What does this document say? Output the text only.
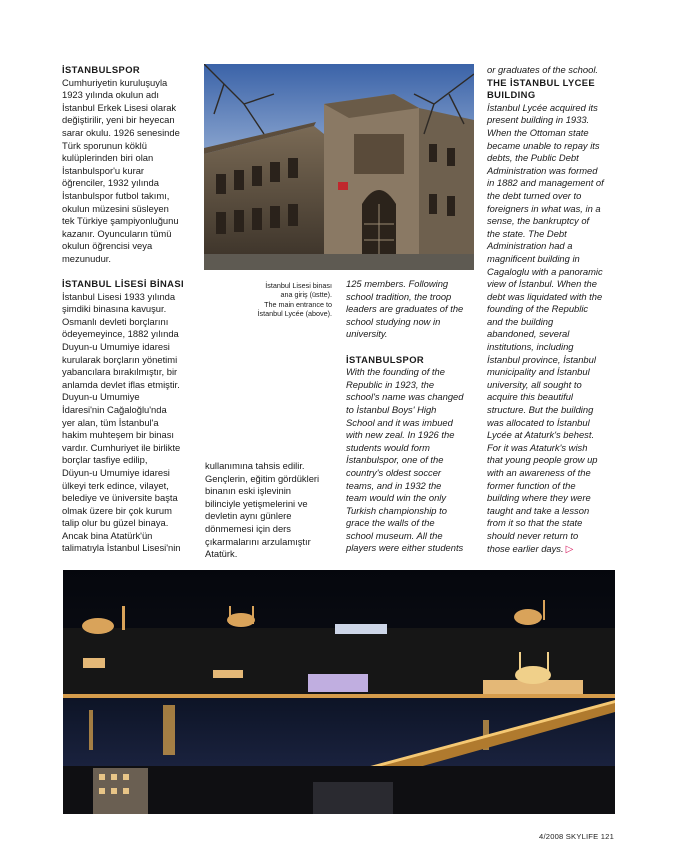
İSTANBULSPOR

Cumhuriyetin kuruluşuyla

1923 yılında okulun adı

İstanbul Erkek Lisesi olarak

değiştirilir, yeni bir heyecan

sarar okulu. 1926 senesinde

Türk sporunun köklü

kulüplerinden biri olan

İstanbulspor'u kurar

öğrenciler, 1932 yılında

İstanbulspor futbol takımı,

okulun müzesini süsleyen

tek Türkiye şampiyonluğunu

kazanır. Oyuncuların tümü

okulun öğrencisi veya

mezunudur.

İSTANBUL LİSESİ BİNASI

İstanbul Lisesi 1933 yılında

şimdiki binasına kavuşur.

Osmanlı devleti borçlarını

ödeyemeyince, 1882 yılında

Duyun-u Umumiye idaresi

kurularak borçların yönetimi

yabancılara bırakılmıştır, bir

anlamda devlet iflas etmiştir.

Duyun-u Umumiye

İdaresi'nin Cağaloğlu'nda

yer alan, tüm İstanbul'a

hakim muhteşem bir binası

vardır. Cumhuriyet ile birlikte

borçlar tasfiye edilip,

Düyun-u Umumiye idaresi

ülkeyi terk edince, vilayet,

belediye ve üniversite başta

olmak üzere bir çok kurum

talip olur bu güzel binaya.

Ancak bina Atatürk'ün

talimatıyla İstanbul Lisesi'nin

İstanbul Lisesi binası
ana giriş (üstte).
The main entrance to
İstanbul Lycée (above).

kullanımına tahsis edilir.

Gençlerin, eğitim gördükleri

binanın eski işlevinin

bilinciyle yetişmelerini ve

devletin aynı günlere

dönmemesi için ders

çıkarmalarını arzulamıştır

Atatürk.

125 members. Following

school tradition, the troop

leaders are graduates of the

school studying now in

university.

İSTANBULSPOR

With the founding of the

Republic in 1923, the

school's name was changed

to İstanbul Boys' High

School and it was imbued

with new zeal. In 1926 the

students would form

İstanbulspor, one of the

country's oldest soccer

teams, and in 1932 the

team would win the only

Turkish championship to

grace the walls of the

school museum. All the

players were either students

or graduates of the school.

THE İSTANBUL LYCEE

BUILDING

İstanbul Lycée acquired its

present building in 1933.

When the Ottoman state

became unable to repay its

debts, the Public Debt

Administration was formed

in 1882 and management of

the debt turned over to

foreigners in what was, in a

sense, the bankruptcy of

the state. The Debt

Administration had a

magnificent building in

Cagaloglu with a panoramic

view of İstanbul. When the

debt was liquidated with the

founding of the Republic

and the building

abandoned, several

institutions, including

İstanbul province, İstanbul

municipality and İstanbul

university, all sought to

acquire this beautiful

structure. But the building

was allocated to İstanbul

Lycée at Ataturk's behest.

For it was Ataturk's wish

that young people grow up

with an awareness of the

former function of the

building where they were

taught and take a lesson

from it so that the state

should never return to

those earlier days. ▷

4/2008 SKYLIFE 121
